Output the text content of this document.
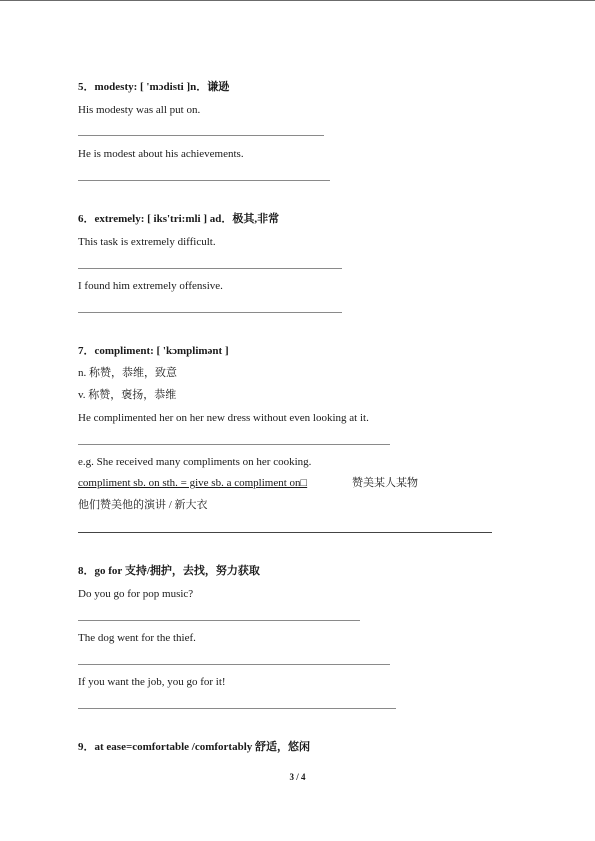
5．modesty: [ 'mɔdisti ]n．谦逊
His modesty was all put on.
He is modest about his achievements.
6．extremely: [ iks'tri:mli ] ad．极其,非常
This task is extremely difficult.
I found him extremely offensive.
7．compliment: [ 'kɔmplimənt ]
n. 称赞，恭维，致意
v. 称赞，褒扬，恭维
He complimented her on her new dress without even looking at it.
e.g. She received many compliments on her cooking.
compliment sb. on sth. = give sb. a compliment on□	赞美某人某物
他们赞美他的演讲 / 新大衣
8．go for 支持/拥护，去找，努力获取
Do you go for pop music?
The dog went for the thief.
If you want the job, you go for it!
9．at ease=comfortable /comfortably 舒适，悠闲
3 / 4
